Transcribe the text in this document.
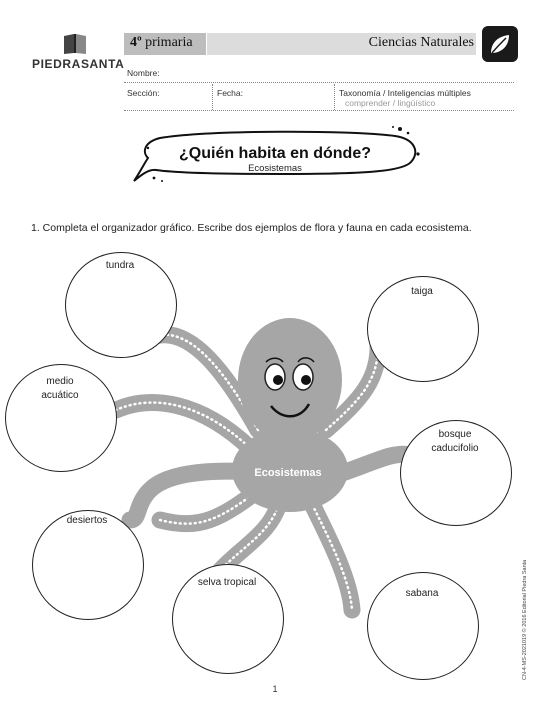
PIEDRASANTA
4º primaria	Ciencias Naturales
Nombre:
Sección:	Fecha:	Taxonomía / Inteligencias múltiples
comprender / lingüístico
¿Quién habita en dónde?
Ecosistemas
1. Completa el organizador gráfico. Escribe dos ejemplos de flora y fauna en cada ecosistema.
Ecosistemas
tundra
taiga
medio
acuático
bosque
caducifolio
desiertos
selva tropical
sabana
1
CN-4-MS-2021019 © 2016 Editorial Piedra Santa
